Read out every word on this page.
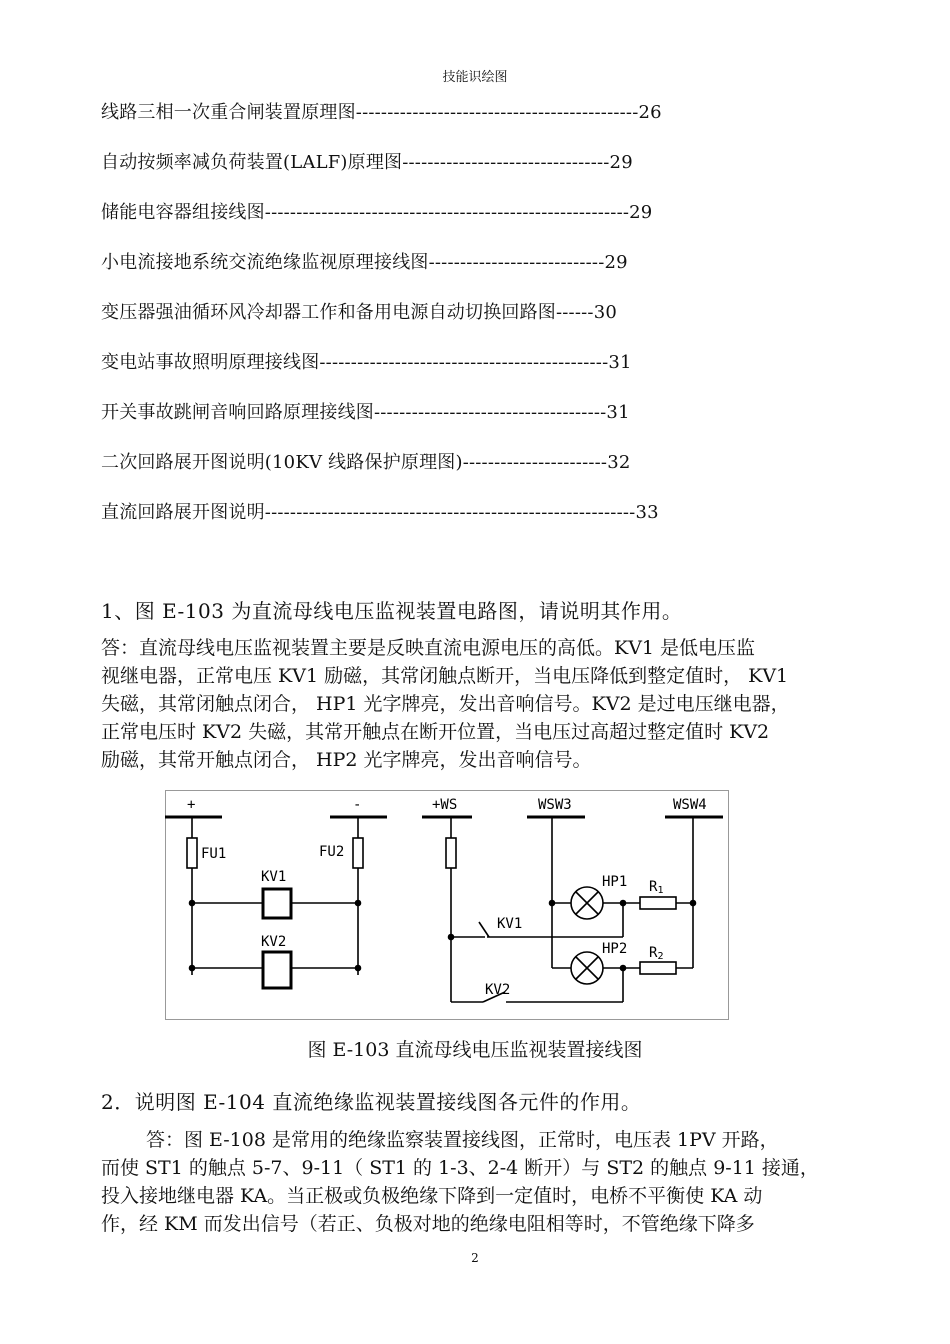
技能识绘图
线路三相一次重合闸装置原理图---------------------------------------------26
自动按频率减负荷装置(LALF)原理图---------------------------------29
储能电容器组接线图----------------------------------------------------------29
小电流接地系统交流绝缘监视原理接线图----------------------------29
变压器强油循环风冷却器工作和备用电源自动切换回路图------30
变电站事故照明原理接线图----------------------------------------------31
开关事故跳闸音响回路原理接线图-------------------------------------31
二次回路展开图说明(10KV 线路保护原理图)-----------------------32
直流回路展开图说明-----------------------------------------------------------33
1、图 E-103 为直流母线电压监视装置电路图，请说明其作用。

答：直流母线电压监视装置主要是反映直流电源电压的高低。KV1 是低电压监

视继电器，正常电压 KV1 励磁，其常闭触点断开，当电压降低到整定值时， KV1

失磁，其常闭触点闭合， HP1 光字牌亮，发出音响信号。KV2 是过电压继电器，

正常电压时 KV2 失磁，其常开触点在断开位置，当电压过高超过整定值时 KV2

励磁，其常开触点闭合， HP2 光字牌亮，发出音响信号。

+	-	+WS	WSW3	WSW4
FU1	FU2
KV1
KV2
KV1
KV2
HP1
HP2
R1
R2
图 E-103 直流母线电压监视装置接线图
2．说明图 E-104 直流绝缘监视装置接线图各元件的作用。

答：图 E-108 是常用的绝缘监察装置接线图，正常时，电压表 1PV 开路，

而使 ST1 的触点 5-7、9-11（ ST1 的 1-3、2-4 断开）与 ST2 的触点 9-11 接通，

投入接地继电器 KA。当正极或负极绝缘下降到一定值时，电桥不平衡使 KA 动

作，经 KM 而发出信号（若正、负极对地的绝缘电阻相等时，不管绝缘下降多

2
